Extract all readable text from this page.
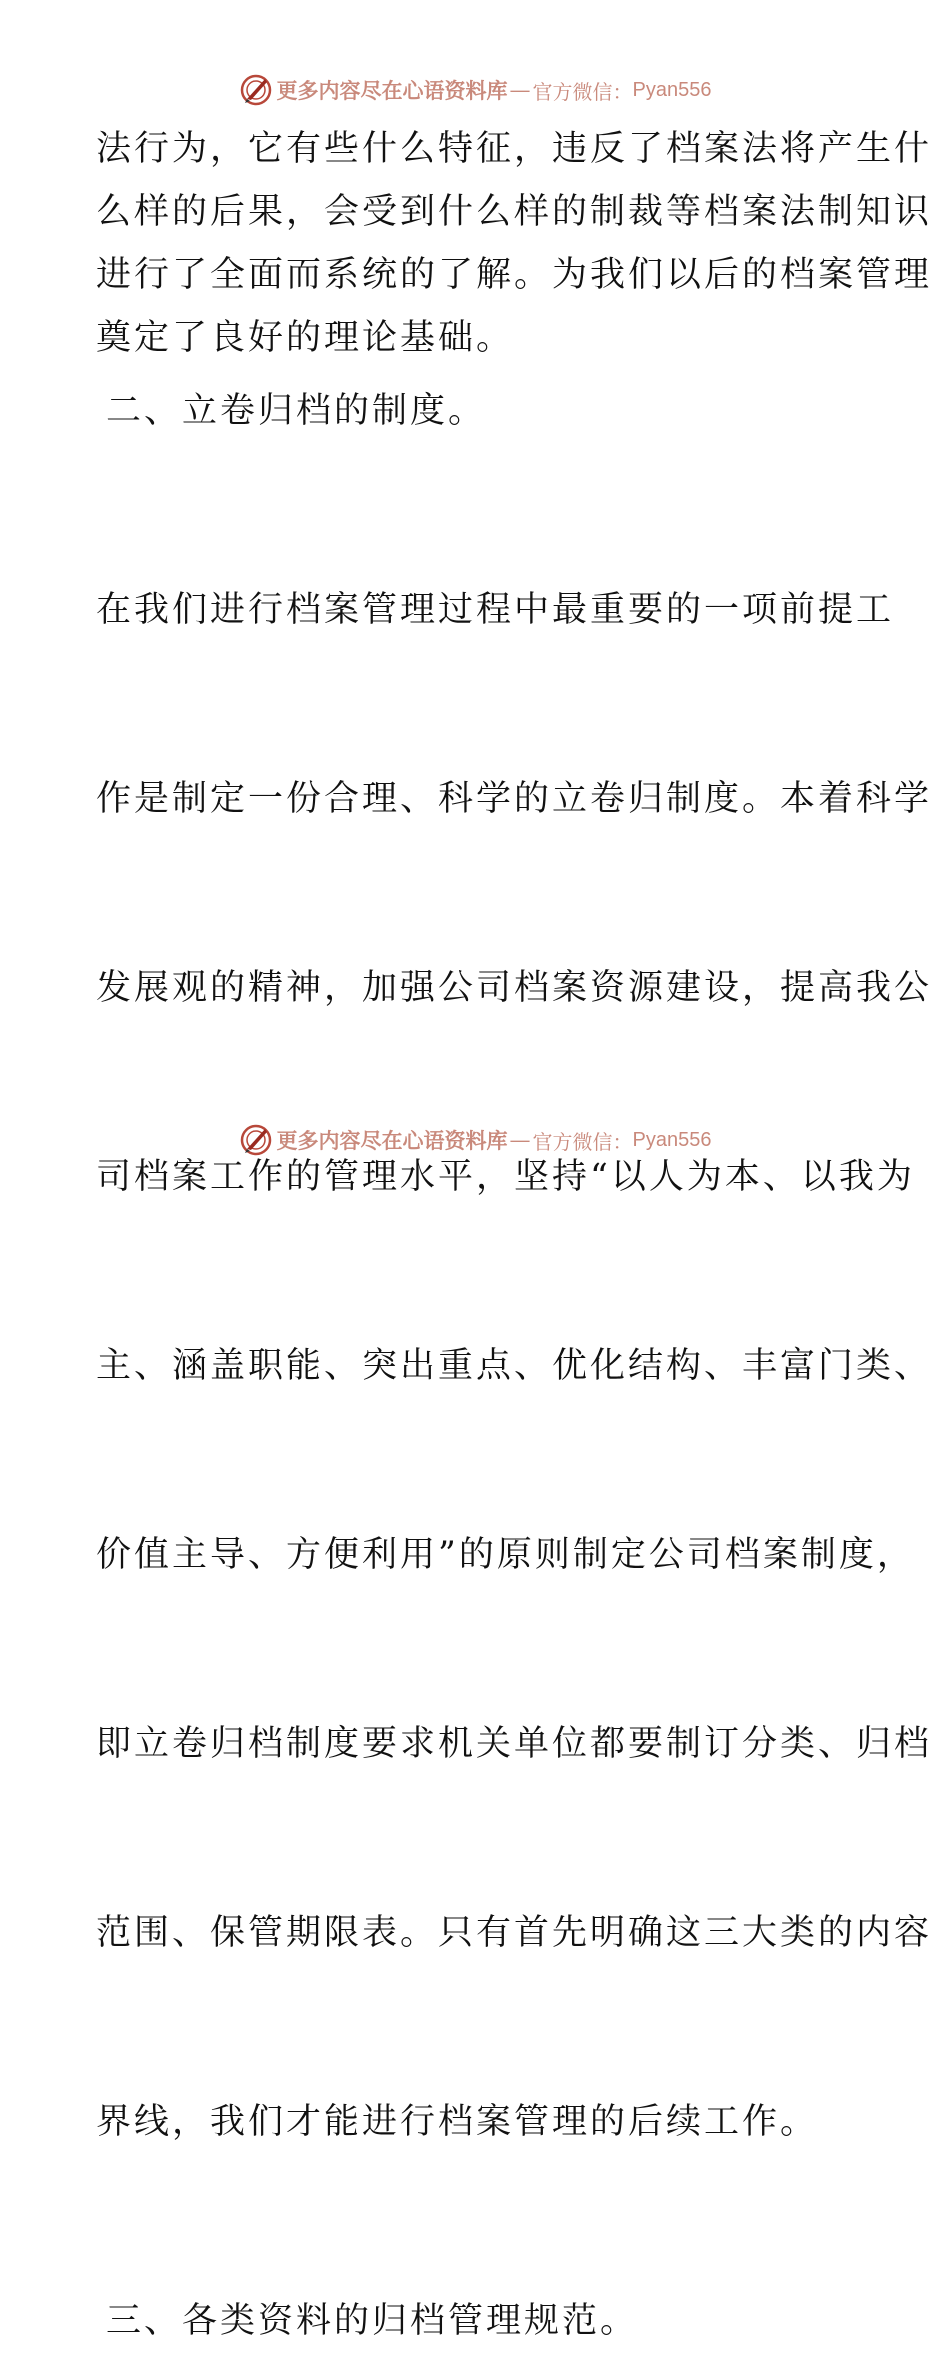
更多内容尽在心语资料库 — 官方微信： Pyan556
法行为，它有些什么特征，违反了档案法将产生什
么样的后果，会受到什么样的制裁等档案法制知识
进行了全面而系统的了解。为我们以后的档案管理
奠定了良好的理论基础。
二、立卷归档的制度。

在我们进行档案管理过程中最重要的一项前提工

作是制定一份合理、科学的立卷归制度。本着科学

发展观的精神，加强公司档案资源建设，提高我公

司档案工作的管理水平，坚持“以人为本、以我为

主、涵盖职能、突出重点、优化结构、丰富门类、

价值主导、方便利用”的原则制定公司档案制度，

即立卷归档制度要求机关单位都要制订分类、归档

范围、保管期限表。只有首先明确这三大类的内容

界线，我们才能进行档案管理的后续工作。

三、各类资料的归档管理规范。
更多内容尽在心语资料库 — 官方微信： Pyan556
